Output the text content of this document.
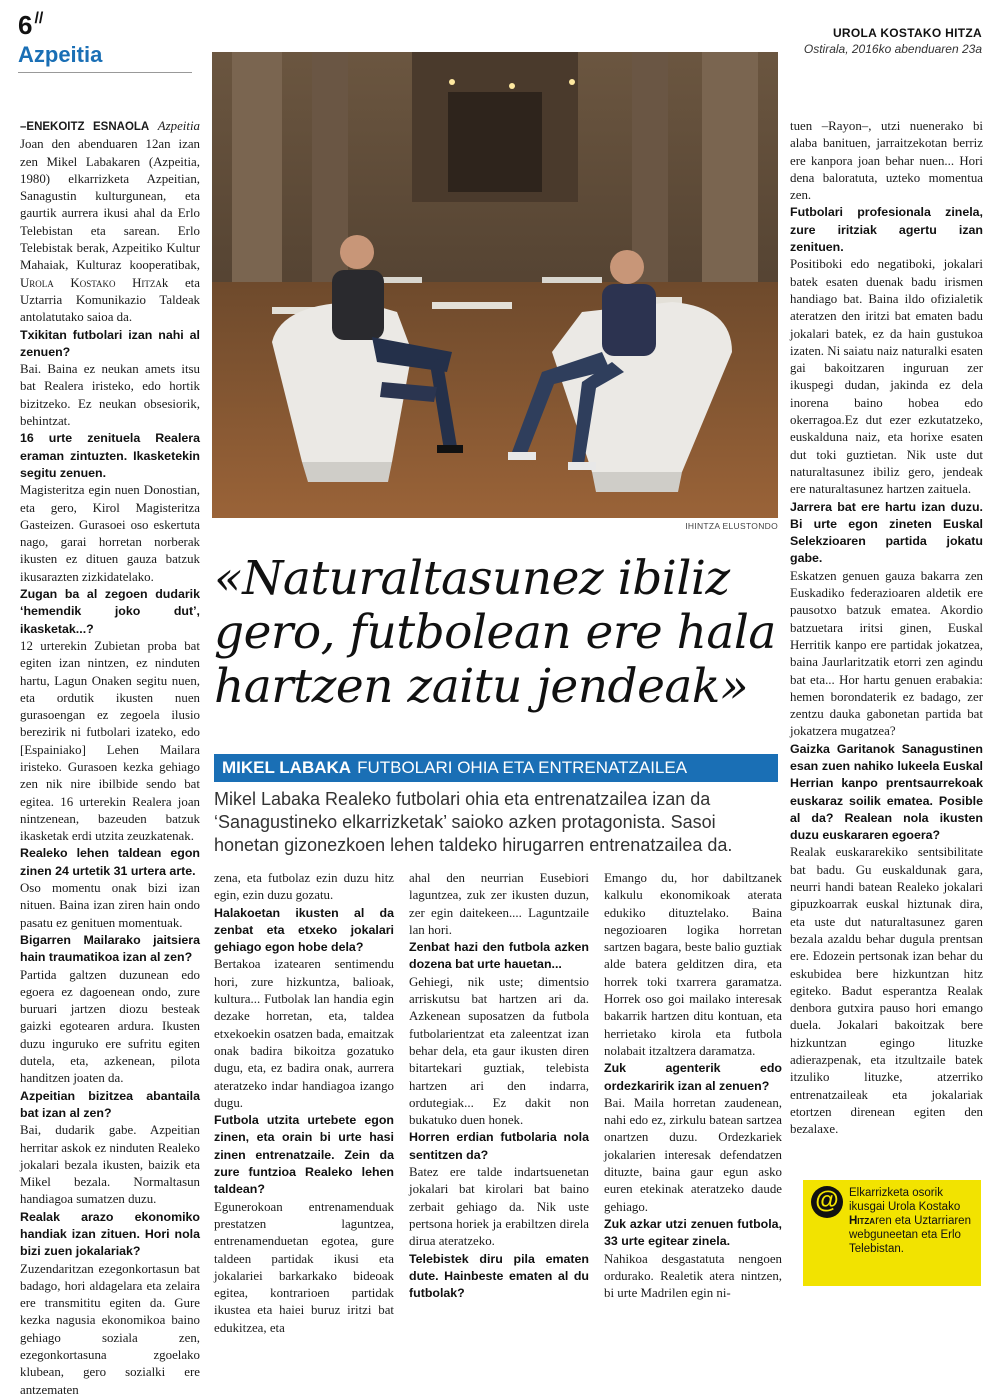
6 //
Azpeitia
UROLA KOSTAKO HITZA
Ostirala, 2016ko abenduaren 23a

–ENEKOITZ ESNAOLA Azpeitia Joan den abenduaren 12an izan zen Mikel Labakaren (Azpeitia, 1980) elkarrizketa Azpeitian, Sanagustin kulturgunean, eta gaurtik aurrera ikusi ahal da Erlo Telebistan eta sarean. Erlo Telebistak berak, Azpeitiko Kultur Mahaiak, Kulturaz kooperatibak, Urola Kostako Hitzak eta Uztarria Komunikazio Taldeak antolatutako saioa da.

Txikitan futbolari izan nahi al zenuen?

Bai. Baina ez neukan amets itsu bat Realera iristeko, edo hortik bizitzeko. Ez neukan obsesiorik, behintzat.

16 urte zenituela Realera eraman zintuzten. Ikasketekin segitu zenuen.

Magisteritza egin nuen Donostian, eta gero, Kirol Magisteritza Gasteizen. Gurasoei oso eskertuta nago, garai horretan norberak ikusten ez dituen gauza batzuk ikusarazten zizkidatelako.

Zugan ba al zegoen dudarik ‘hemendik joko dut’, ikasketak...?

12 urterekin Zubietan proba bat egiten izan nintzen, ez ninduten hartu, Lagun Onaken segitu nuen, eta ordutik ikusten nuen gurasoengan ez zegoela ilusio berezirik ni futbolari izateko, edo [Espainiako] Lehen Mailara iristeko. Gurasoen kezka gehiago zen nik nire ibilbide sendo bat egitea. 16 urterekin Realera joan nintzenean, bazeuden batzuk ikasketak erdi utzita zeuzkatenak.

Realeko lehen taldean egon zinen 24 urtetik 31 urtera arte.

Oso momentu onak bizi izan nituen. Baina izan ziren hain ondo pasatu ez genituen momentuak.

Bigarren Mailarako jaitsiera hain traumatikoa izan al zen?

Partida galtzen duzunean edo egoera ez dagoenean ondo, zure buruari jartzen diozu besteak gaizki egotearen ardura. Ikusten duzu inguruko ere sufritu egiten dutela, eta, azkenean, pilota handitzen joaten da.

Azpeitian bizitzea abantaila bat izan al zen?

Bai, dudarik gabe. Azpeitian herritar askok ez ninduten Realeko jokalari bezala ikusten, baizik eta Mikel bezala. Normaltasun handiagoa sumatzen duzu.

Realak arazo ekonomiko handiak izan zituen. Hori nola bizi zuen jokalariak?

Zuzendaritzan ezegonkortasun bat badago, hori aldagelara eta zelaira ere transmititu egiten da. Gure kezka nagusia ekonomikoa baino gehiago soziala zen, ezegonkortasuna zgoelako klubean, gero sozialki ere antzematen

IHINTZA ELUSTONDO
«Naturaltasunez ibiliz gero, futbolean ere hala hartzen zaitu jendeak»
MIKEL LABAKA FUTBOLARI OHIA ETA ENTRENATZAILEA
Mikel Labaka Realeko futbolari ohia eta entrenatzailea izan da ‘Sanagustineko elkarrizketak’ saioko azken protagonista. Sasoi honetan gizonezkoen lehen taldeko hirugarren entrenatzailea da.

zena, eta futbolaz ezin duzu hitz egin, ezin duzu gozatu.

Halakoetan ikusten al da zenbat eta etxeko jokalari gehiago egon hobe dela?

Bertakoa izatearen sentimendu hori, zure hizkuntza, balioak, kultura... Futbolak lan handia egin dezake horretan, eta, taldea etxekoekin osatzen bada, emaitzak onak badira bikoitza gozatuko dugu, eta, ez badira onak, aurrera ateratzeko indar handiagoa izango dugu.

Futbola utzita urtebete egon zinen, eta orain bi urte hasi zinen entrenatzaile. Zein da zure funtzioa Realeko lehen taldean?

Egunerokoan entrenamenduak prestatzen laguntzea, entrenamenduetan egotea, gure taldeen partidak ikusi eta jokalariei barkarkako bideoak egitea, kontrarioen partidak ikustea eta haiei buruz iritzi bat edukitzea, eta

ahal den neurrian Eusebiori laguntzea, zuk zer ikusten duzun, zer egin daitekeen.... Laguntzaile lan hori.

Zenbat hazi den futbola azken dozena bat urte hauetan...

Gehiegi, nik uste; dimentsio arriskutsu bat hartzen ari da. Azkenean suposatzen da futbola futbolarientzat eta zaleentzat izan behar dela, eta gaur ikusten diren bitartekari guztiak, telebista hartzen ari den indarra, ordutegiak... Ez dakit non bukatuko duen honek.

Horren erdian futbolaria nola sentitzen da?

Batez ere talde indartsuenetan jokalari bat kirolari bat baino zerbait gehiago da. Nik uste pertsona horiek ja erabiltzen direla dirua ateratzeko.

Telebistek diru pila ematen dute. Hainbeste ematen al du futbolak?

Emango du, hor dabiltzanek kalkulu ekonomikoak aterata edukiko dituztelako. Baina negozioaren logika horretan sartzen bagara, beste balio guztiak alde batera gelditzen dira, eta horrek toki txarrera garamatza. Horrek oso goi mailako interesak bakarrik hartzen ditu kontuan, eta herrietako kirola eta futbola nolabait itzaltzera daramatza.

Zuk agenterik edo ordezkaririk izan al zenuen?

Bai. Maila horretan zaudenean, nahi edo ez, zirkulu batean sartzea onartzen duzu. Ordezkariek jokalarien interesak defendatzen dituzte, baina gaur egun asko euren etekinak ateratzeko daude gehiago.

Zuk azkar utzi zenuen futbola, 33 urte egitear zinela.

Nahikoa desgastatuta nengoen ordurako. Realetik atera nintzen, bi urte Madrilen egin ni-

tuen –Rayon–, utzi nuenerako bi alaba banituen, jarraitzekotan berriz ere kanpora joan behar nuen... Hori dena baloratuta, uzteko momentua zen.

Futbolari profesionala zinela, zure iritziak agertu izan zenituen.

Positiboki edo negatiboki, jokalari batek esaten duenak badu irismen handiago bat. Baina ildo ofizialetik ateratzen den iritzi bat ematen badu jokalari batek, ez da hain gustukoa izaten. Ni saiatu naiz naturalki esaten gai bakoitzaren inguruan zer ikuspegi dudan, jakinda ez dela inorena baino hobea edo okerragoa.Ez dut ezer ezkutatzeko, euskalduna naiz, eta horixe esaten dut toki guztietan. Nik uste dut naturaltasunez ibiliz gero, jendeak ere naturaltasunez hartzen zaituela.

Jarrera bat ere hartu izan duzu. Bi urte egon zineten Euskal Selekzioaren partida jokatu gabe.

Eskatzen genuen gauza bakarra zen Euskadiko federazioaren aldetik ere pausotxo batzuk ematea. Akordio batzuetara iritsi ginen, Euskal Herritik kanpo ere partidak jokatzea, baina Jaurlaritzatik etorri zen agindu bat eta... Hor hartu genuen erabakia: hemen borondaterik ez badago, zer zentzu dauka gabonetan partida bat jokatzera mugatzea?

Gaizka Garitanok Sanagustinen esan zuen nahiko lukeela Euskal Herrian kanpo prentsaurrekoak euskaraz soilik ematea. Posible al da? Realean nola ikusten duzu euskararen egoera?

Realak euskararekiko sentsibilitate bat badu. Gu euskaldunak gara, neurri handi batean Realeko jokalari gipuzkoarrak euskal hiztunak dira, eta uste dut naturaltasunez garen bezala azaldu behar dugula prentsan ere. Edozein pertsonak izan behar du eskubidea bere hizkuntzan hitz egiteko. Badut esperantza Realak denbora gutxira pauso hori emango duela. Jokalari bakoitzak bere hizkuntzan egingo lituzke adierazpenak, eta itzultzaile batek itzuliko lituzke, atzerriko entrenatzaileak eta jokalariak etortzen direnean egiten den bezalaxe.

@ Elkarrizketa osorik ikusgai Urola Kostako Hitzaren eta Uztarriaren webguneetan eta Erlo Telebistan.
